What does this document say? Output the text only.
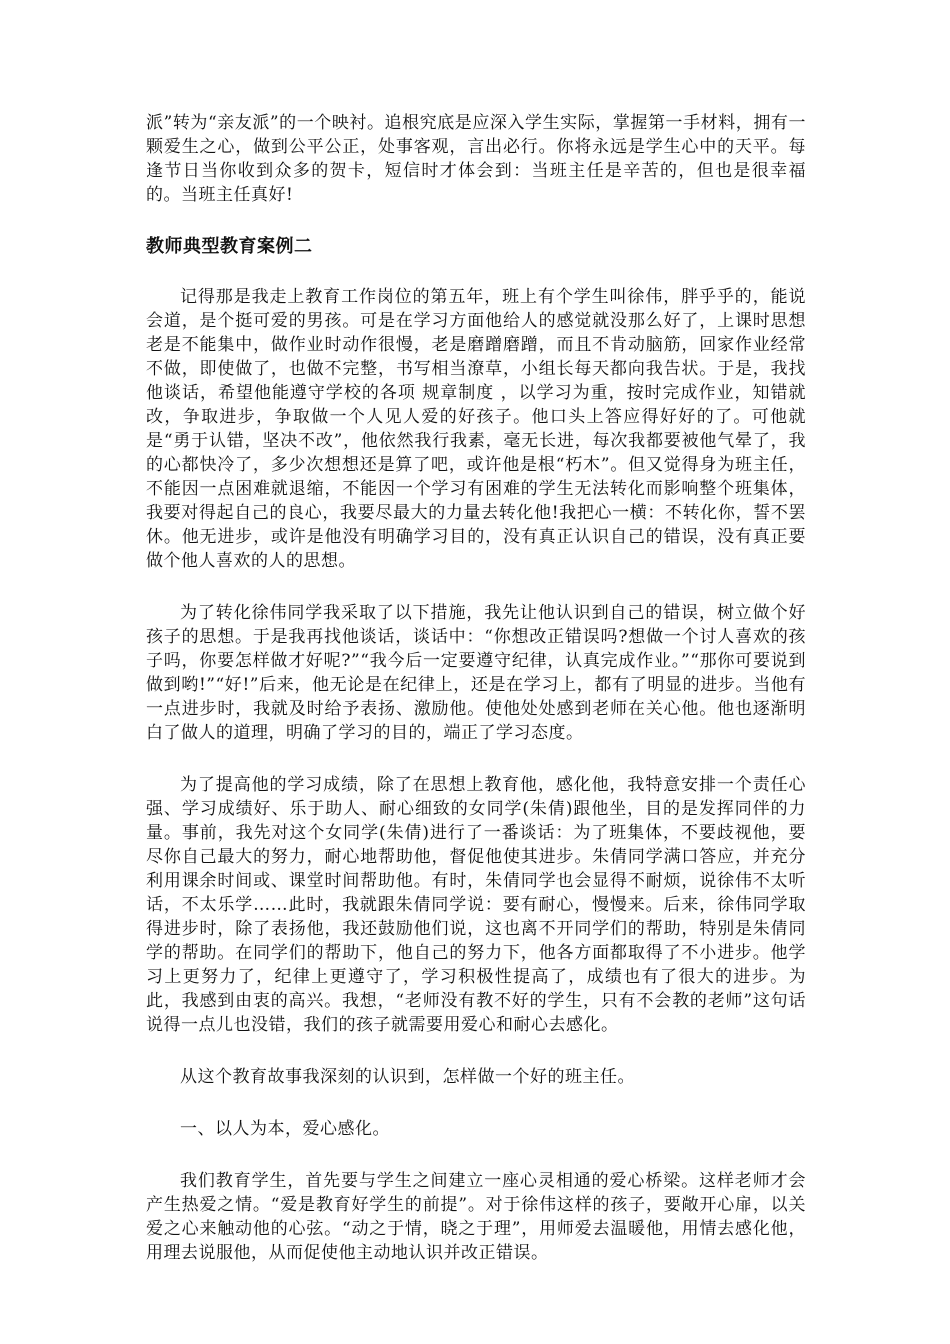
派”转为“亲友派”的一个映衬。追根究底是应深入学生实际，掌握第一手材料，拥有一颗爱生之心，做到公平公正，处事客观，言出必行。你将永远是学生心中的天平。每逢节日当你收到众多的贺卡，短信时才体会到：当班主任是辛苦的，但也是很幸福的。当班主任真好!

教师典型教育案例二

记得那是我走上教育工作岗位的第五年，班上有个学生叫徐伟，胖乎乎的，能说会道，是个挺可爱的男孩。可是在学习方面他给人的感觉就没那么好了，上课时思想老是不能集中，做作业时动作很慢，老是磨蹭磨蹭，而且不肯动脑筋，回家作业经常不做，即使做了，也做不完整，书写相当潦草，小组长每天都向我告状。于是，我找他谈话，希望他能遵守学校的各项 规章制度 ，以学习为重，按时完成作业，知错就改，争取进步，争取做一个人见人爱的好孩子。他口头上答应得好好的了。可他就是“勇于认错，坚决不改”，他依然我行我素，毫无长进，每次我都要被他气晕了，我的心都快冷了，多少次想想还是算了吧，或许他是根“朽木”。但又觉得身为班主任，不能因一点困难就退缩，不能因一个学习有困难的学生无法转化而影响整个班集体，我要对得起自己的良心，我要尽最大的力量去转化他!我把心一横：不转化你，誓不罢休。他无进步，或许是他没有明确学习目的，没有真正认识自己的错误，没有真正要做个他人喜欢的人的思想。

为了转化徐伟同学我采取了以下措施，我先让他认识到自己的错误，树立做个好孩子的思想。于是我再找他谈话，谈话中：“你想改正错误吗?想做一个讨人喜欢的孩子吗，你要怎样做才好呢?”“我今后一定要遵守纪律，认真完成作业。”“那你可要说到做到哟!”“好!”后来，他无论是在纪律上，还是在学习上，都有了明显的进步。当他有一点进步时，我就及时给予表扬、激励他。使他处处感到老师在关心他。他也逐渐明白了做人的道理，明确了学习的目的，端正了学习态度。

为了提高他的学习成绩，除了在思想上教育他，感化他，我特意安排一个责任心强、学习成绩好、乐于助人、耐心细致的女同学(朱倩)跟他坐，目的是发挥同伴的力量。事前，我先对这个女同学(朱倩)进行了一番谈话：为了班集体，不要歧视他，要尽你自己最大的努力，耐心地帮助他，督促他使其进步。朱倩同学满口答应，并充分利用课余时间或、课堂时间帮助他。有时，朱倩同学也会显得不耐烦，说徐伟不太听话，不太乐学……此时，我就跟朱倩同学说：要有耐心，慢慢来。后来，徐伟同学取得进步时，除了表扬他，我还鼓励他们说，这也离不开同学们的帮助，特别是朱倩同学的帮助。在同学们的帮助下，他自己的努力下，他各方面都取得了不小进步。他学习上更努力了，纪律上更遵守了，学习积极性提高了，成绩也有了很大的进步。为此，我感到由衷的高兴。我想，“老师没有教不好的学生，只有不会教的老师”这句话说得一点儿也没错，我们的孩子就需要用爱心和耐心去感化。

从这个教育故事我深刻的认识到，怎样做一个好的班主任。

一、以人为本，爱心感化。

我们教育学生，首先要与学生之间建立一座心灵相通的爱心桥梁。这样老师才会产生热爱之情。“爱是教育好学生的前提”。对于徐伟这样的孩子，要敞开心扉，以关爱之心来触动他的心弦。“动之于情，晓之于理”，用师爱去温暖他，用情去感化他，用理去说服他，从而促使他主动地认识并改正错误。
